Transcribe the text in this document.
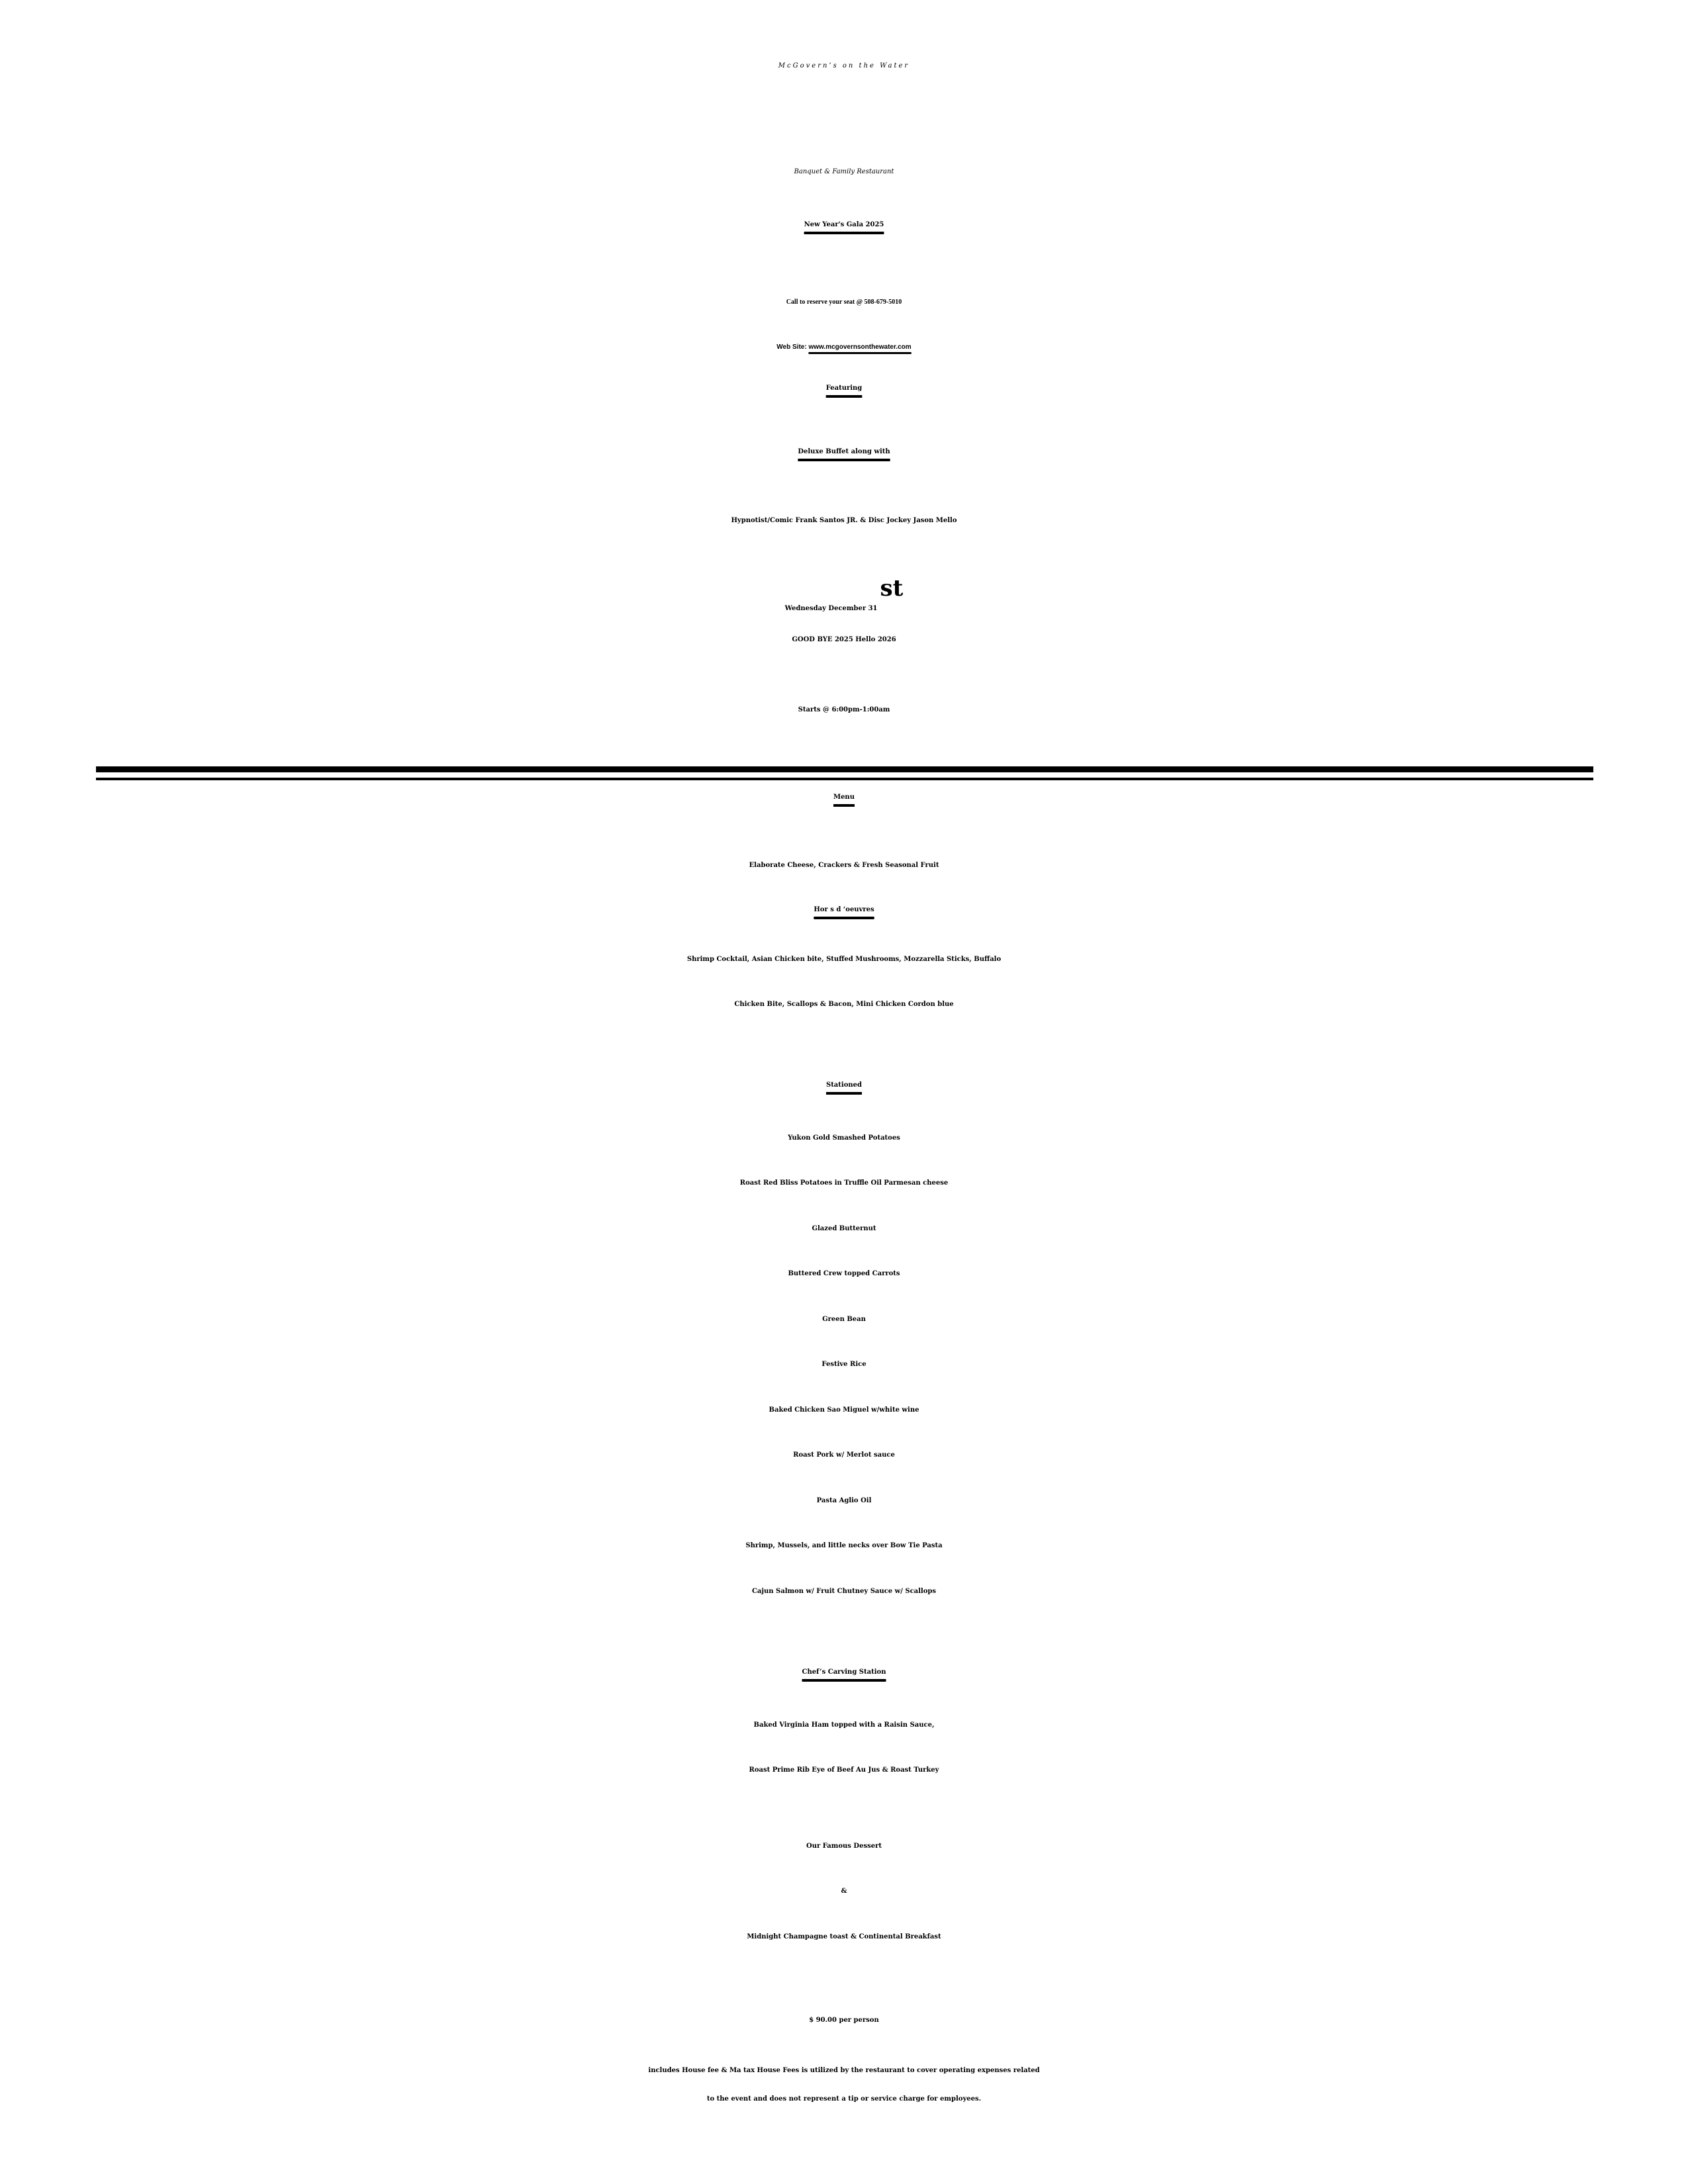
McGovern’s on the Water
Banquet & Family Restaurant
New Year's Gala 2025
Call to reserve your seat @ 508-679-5010
Web Site: www.mcgovernsonthewater.com
Featuring
Deluxe Buffet along with
Hypnotist/Comic Frank Santos JR. & Disc Jockey Jason Mello
Wednesday December 31st
GOOD BYE 2025 Hello 2026
Starts @ 6:00pm-1:00am
Menu
Elaborate Cheese, Crackers & Fresh Seasonal Fruit
Hor s d ‘oeuvres
Shrimp Cocktail, Asian Chicken bite, Stuffed Mushrooms, Mozzarella Sticks, Buffalo
Chicken Bite, Scallops & Bacon, Mini Chicken Cordon blue
Stationed
Yukon Gold Smashed Potatoes
Roast Red Bliss Potatoes in Truffle Oil Parmesan cheese
Glazed Butternut
Buttered Crew topped Carrots
Green Bean
Festive Rice
Baked Chicken Sao Miguel w/white wine
Roast Pork w/ Merlot sauce
Pasta Aglio Oil
Shrimp, Mussels, and little necks over Bow Tie Pasta
Cajun Salmon w/ Fruit Chutney Sauce w/ Scallops
Chef’s Carving Station
Baked Virginia Ham topped with a Raisin Sauce,
Roast Prime Rib Eye of Beef Au Jus & Roast Turkey
Our Famous Dessert
&
Midnight Champagne toast & Continental Breakfast
$ 90.00 per person
includes House fee & Ma tax House Fees is utilized by the restaurant to cover operating expenses related
to the event and does not represent a tip or service charge for employees.
